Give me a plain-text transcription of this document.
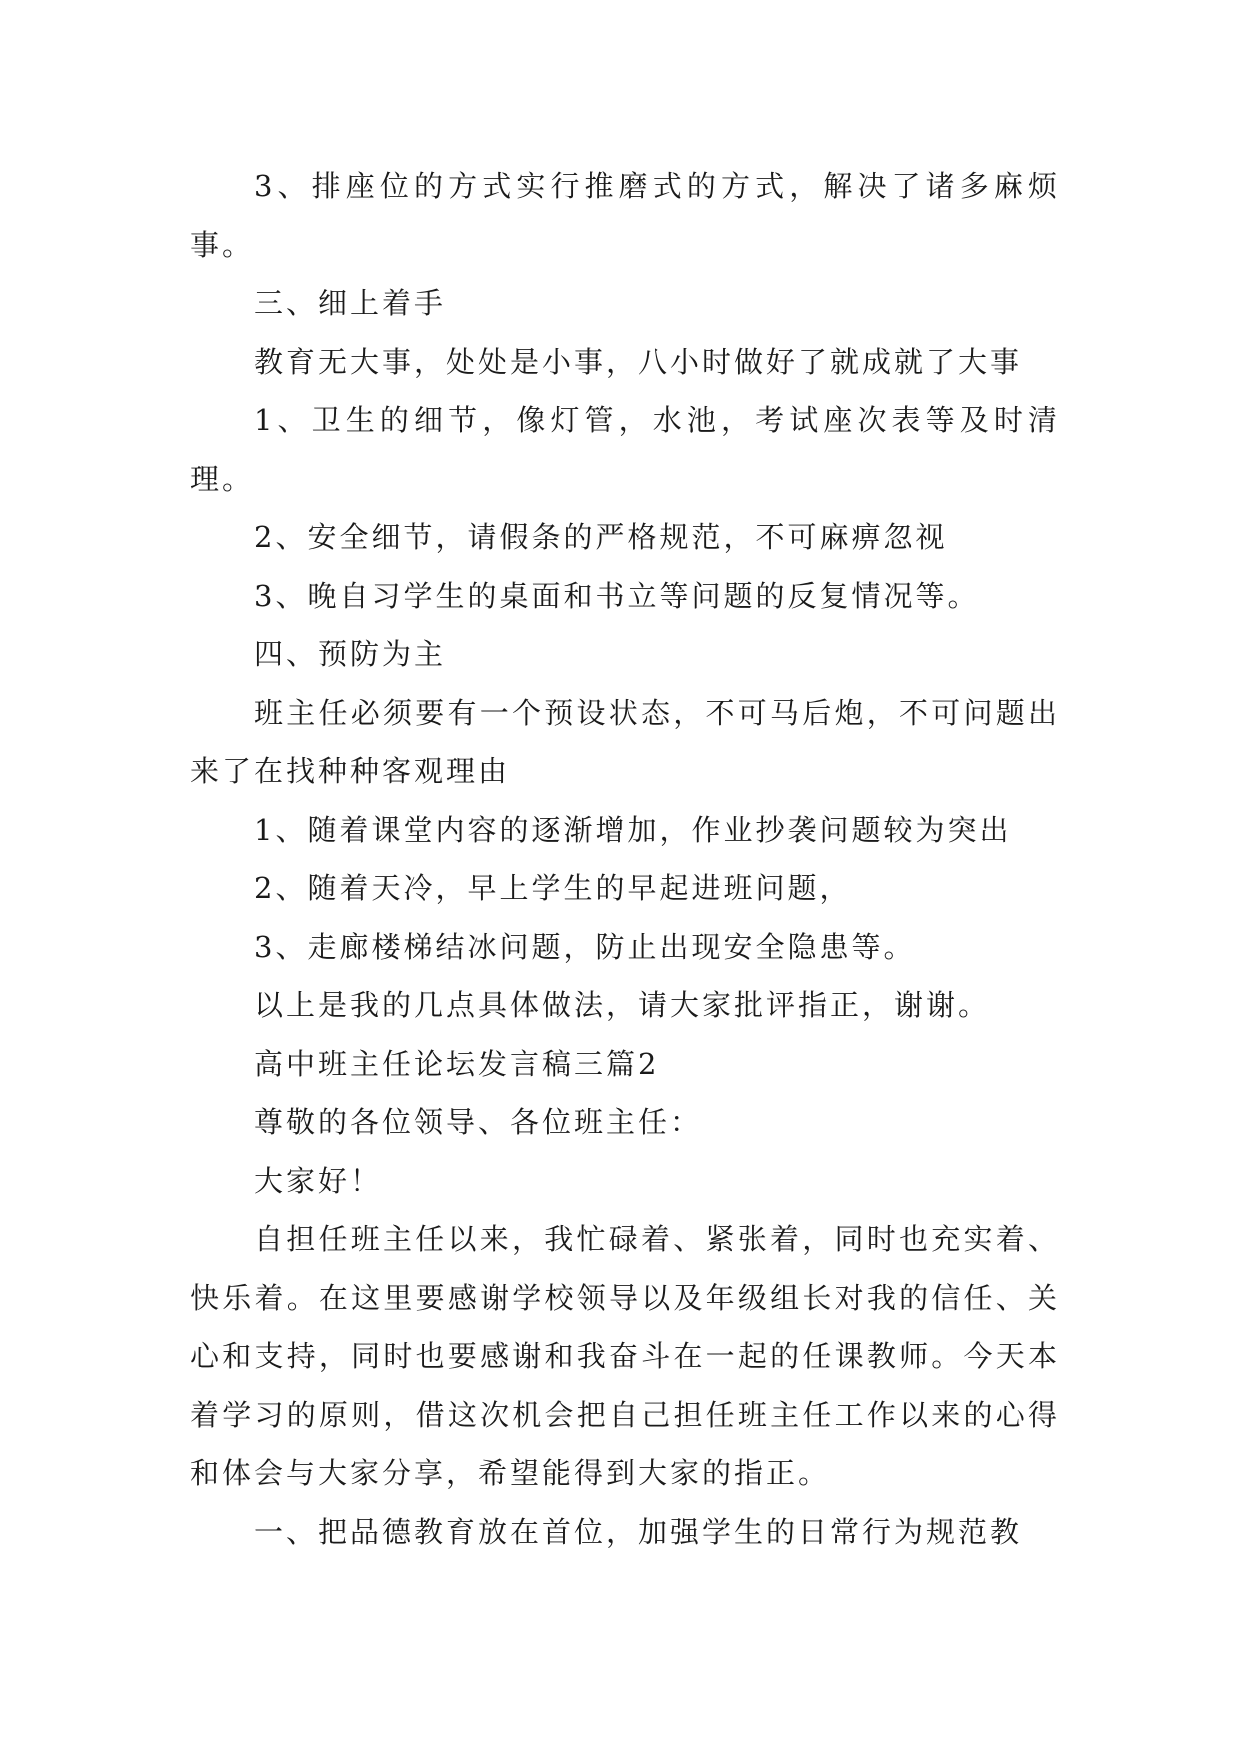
3、排座位的方式实行推磨式的方式，解决了诸多麻烦事。

三、细上着手

教育无大事，处处是小事，八小时做好了就成就了大事

1、卫生的细节，像灯管，水池，考试座次表等及时清理。

2、安全细节，请假条的严格规范，不可麻痹忽视

3、晚自习学生的桌面和书立等问题的反复情况等。

四、预防为主

班主任必须要有一个预设状态，不可马后炮，不可问题出来了在找种种客观理由

1、随着课堂内容的逐渐增加，作业抄袭问题较为突出

2、随着天冷，早上学生的早起进班问题，

3、走廊楼梯结冰问题，防止出现安全隐患等。

以上是我的几点具体做法，请大家批评指正，谢谢。

高中班主任论坛发言稿三篇2

尊敬的各位领导、各位班主任：

大家好！

自担任班主任以来，我忙碌着、紧张着，同时也充实着、快乐着。在这里要感谢学校领导以及年级组长对我的信任、关心和支持，同时也要感谢和我奋斗在一起的任课教师。今天本着学习的原则，借这次机会把自己担任班主任工作以来的心得和体会与大家分享，希望能得到大家的指正。

一、把品德教育放在首位，加强学生的日常行为规范教
